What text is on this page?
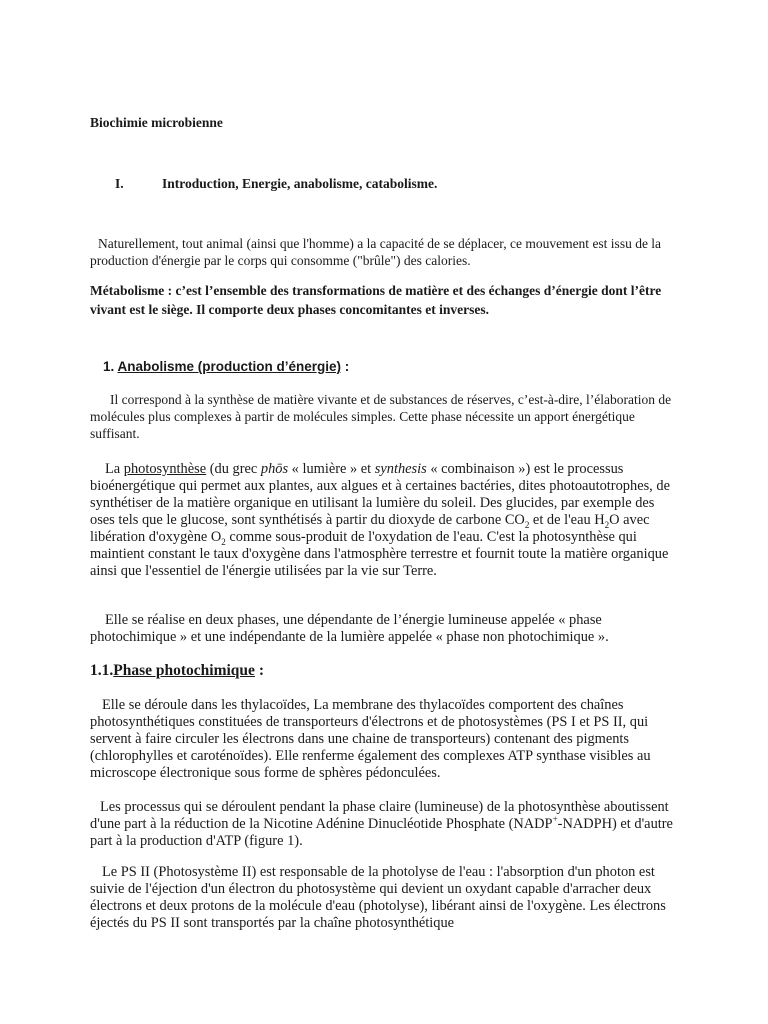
Biochimie microbienne

I.	Introduction, Energie, anabolisme, catabolisme.

Naturellement, tout animal (ainsi que l'homme) a la capacité de se déplacer, ce mouvement est issu de la production d'énergie par le corps qui consomme ("brûle") des calories.

Métabolisme : c’est l’ensemble des transformations de matière et des échanges d’énergie dont l’être vivant est le siège. Il comporte deux phases concomitantes et inverses.

1. Anabolisme (production d’énergie) :

Il correspond à la synthèse de matière vivante et de substances de réserves, c’est-à-dire, l’élaboration de molécules plus complexes à partir de molécules simples. Cette phase nécessite un apport énergétique suffisant.

La photosynthèse (du grec phōs « lumière » et synthesis « combinaison ») est le processus bioénergétique qui permet aux plantes, aux algues et à certaines bactéries, dites photoautotrophes, de synthétiser de la matière organique en utilisant la lumière du soleil. Des glucides, par exemple des oses tels que le glucose, sont synthétisés à partir du dioxyde de carbone $CO_2$ et de l'eau $H_2O$ avec libération d'oxygène $O_2$ comme sous-produit de l'oxydation de l'eau. C'est la photosynthèse qui maintient constant le taux d'oxygène dans l'atmosphère terrestre et fournit toute la matière organique ainsi que l'essentiel de l'énergie utilisées par la vie sur Terre.

Elle se réalise en deux phases, une dépendante de l’énergie lumineuse appelée « phase photochimique » et une indépendante de la lumière appelée « phase non photochimique ».

1.1.Phase photochimique :

Elle se déroule dans les thylacoïdes, La membrane des thylacoïdes comportent des chaînes photosynthétiques constituées de transporteurs d'électrons et de photosystèmes (PS I et PS II, qui servent à faire circuler les électrons dans une chaine de transporteurs) contenant des pigments (chlorophylles et caroténoïdes). Elle renferme également des complexes ATP synthase visibles au microscope électronique sous forme de sphères pédonculées.

Les processus qui se déroulent pendant la phase claire (lumineuse) de la photosynthèse aboutissent d'une part à la réduction de la Nicotine Adénine Dinucléotide Phosphate (NADP+-NADPH) et d'autre part à la production d'ATP (figure 1).

Le PS II (Photosystème II) est responsable de la photolyse de l'eau : l'absorption d'un photon est suivie de l'éjection d'un électron du photosystème qui devient un oxydant capable d'arracher deux électrons et deux protons de la molécule d'eau (photolyse), libérant ainsi de l'oxygène. Les électrons éjectés du PS II sont transportés par la chaîne photosynthétique
